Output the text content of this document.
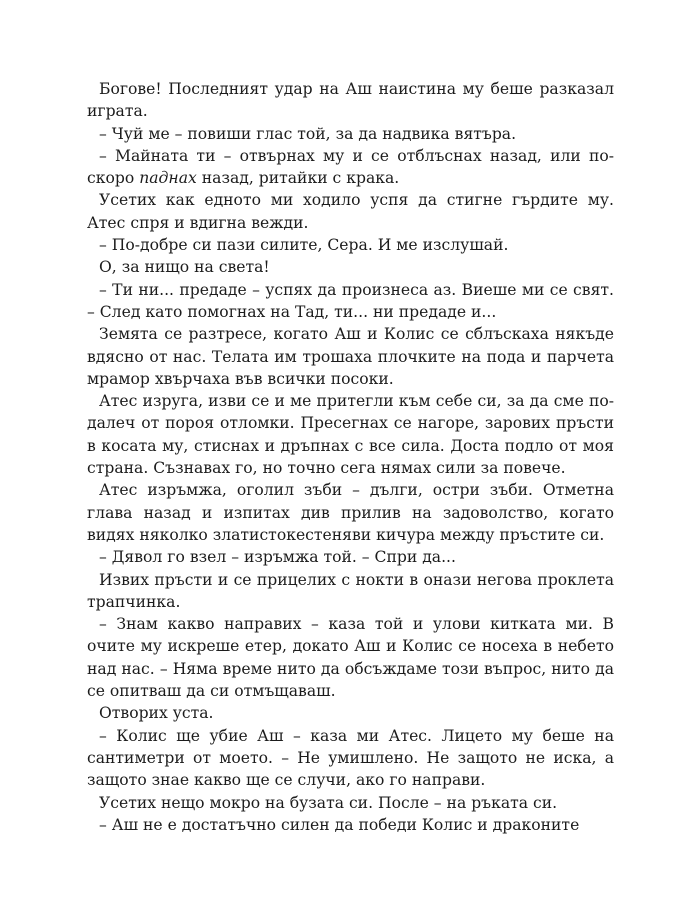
Богове! Последният удар на Аш наистина му беше разказал играта.

– Чуй ме – повиши глас той, за да надвика вятъра.

– Майната ти – отвърнах му и се отблъснах назад, или по-скоро паднах назад, ритайки с крака.

Усетих как едното ми ходило успя да стигне гърдите му. Атес спря и вдигна вежди.

– По-добре си пази силите, Сера. И ме изслушай.

О, за нищо на света!

– Ти ни... предаде – успях да произнеса аз. Виеше ми се свят. – След като помогнах на Тад, ти... ни предаде и...

Земята се разтресе, когато Аш и Колис се сблъскаха някъде вдясно от нас. Телата им трошаха плочките на пода и парчета мрамор хвърчаха във всички посоки.

Атес изруга, изви се и ме притегли към себе си, за да сме по-далеч от пороя отломки. Пресегнах се нагоре, зарових пръсти в косата му, стиснах и дръпнах с все сила. Доста подло от моя страна. Съзнавах го, но точно сега нямах сили за повече.

Атес изръмжа, оголил зъби – дълги, остри зъби. Отметна глава назад и изпитах див прилив на задоволство, когато видях няколко златистокестеняви кичура между пръстите си.

– Дявол го взел – изръмжа той. – Спри да...

Извих пръсти и се прицелих с нокти в онази негова проклета трапчинка.

– Знам какво направих – каза той и улови китката ми. В очите му искреше етер, докато Аш и Колис се носеха в небето над нас. – Няма време нито да обсъждаме този въпрос, нито да се опитваш да си отмъщаваш.

Отворих уста.

– Колис ще убие Аш – каза ми Атес. Лицето му беше на сантиметри от моето. – Не умишлено. Не защото не иска, а защото знае какво ще се случи, ако го направи.

Усетих нещо мокро на бузата си. После – на ръката си.

– Аш не е достатъчно силен да победи Колис и драконите
